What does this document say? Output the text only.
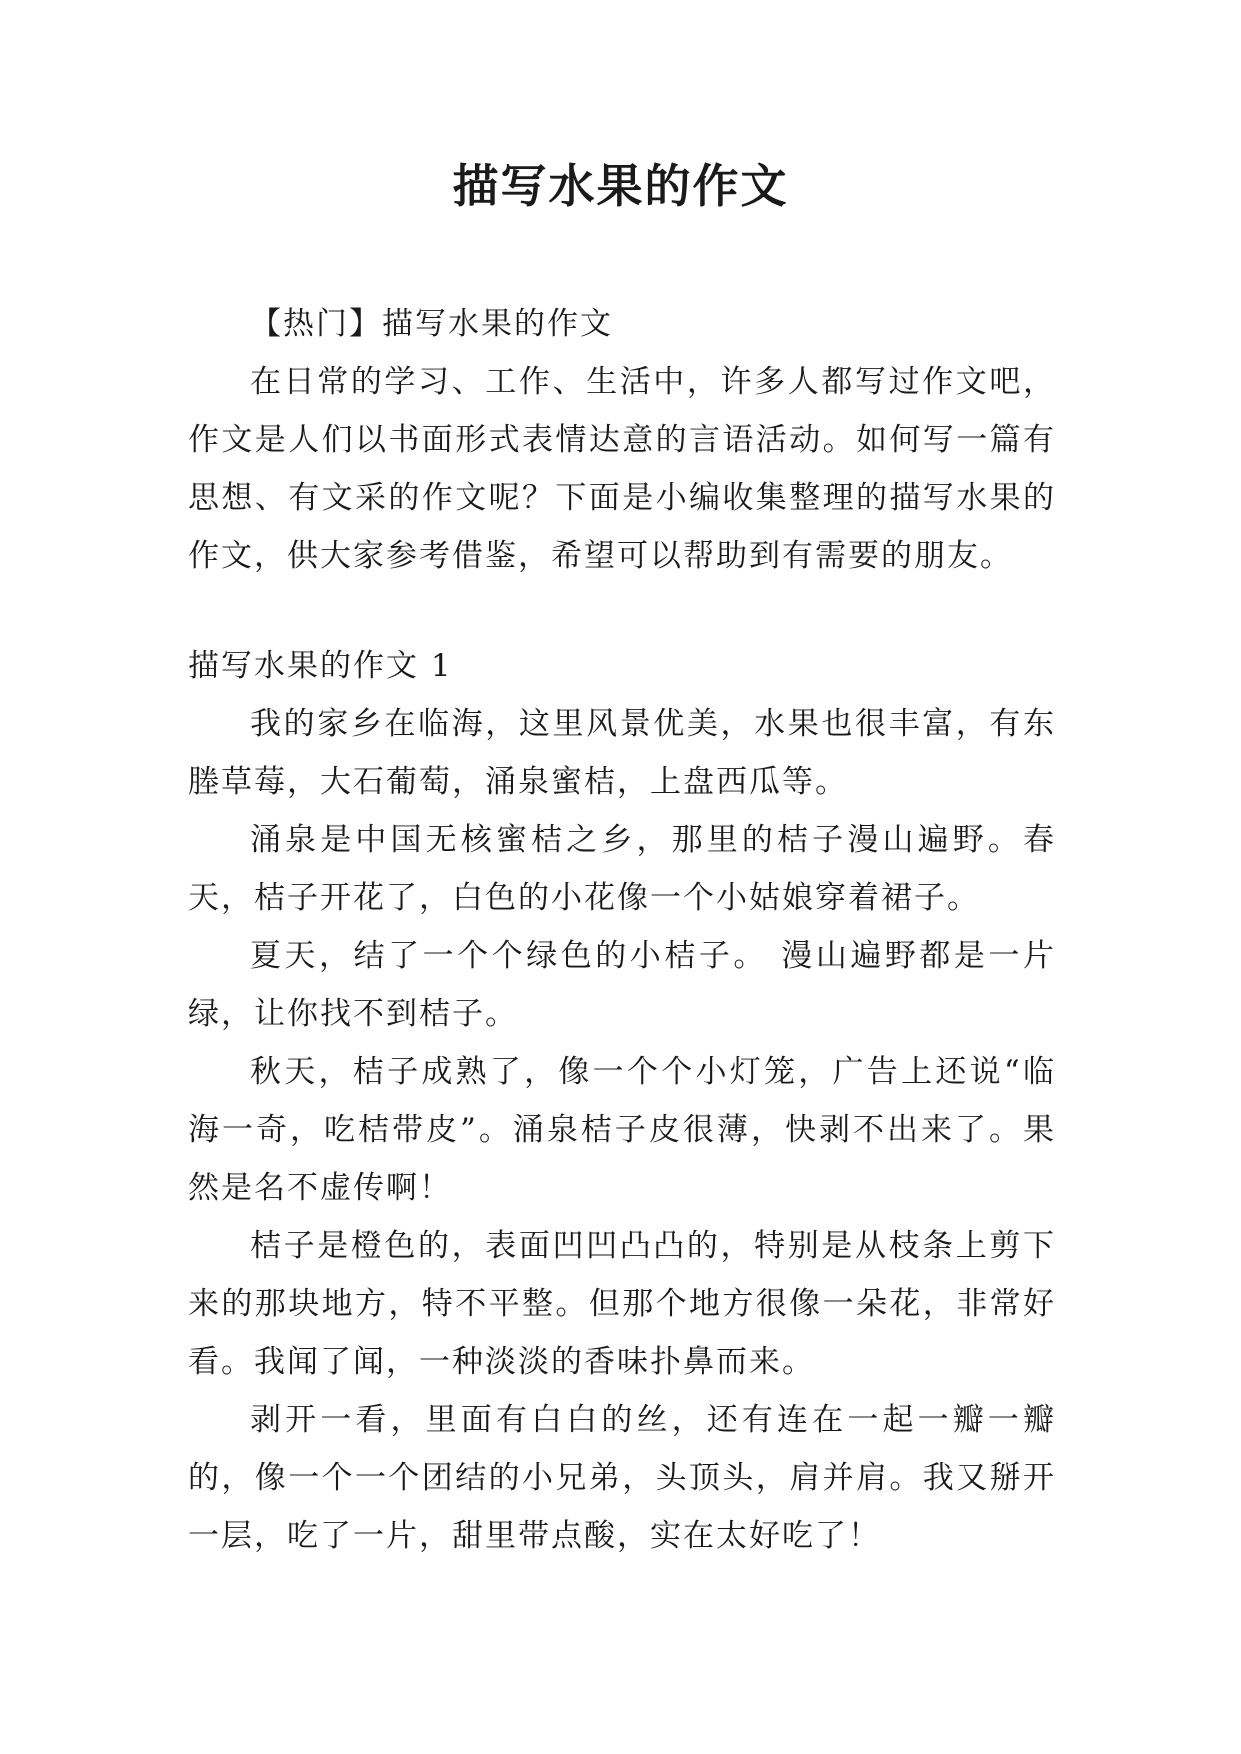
描写水果的作文

【热门】描写水果的作文

在日常的学习、工作、生活中，许多人都写过作文吧，作文是人们以书面形式表情达意的言语活动。如何写一篇有思想、有文采的作文呢？下面是小编收集整理的描写水果的作文，供大家参考借鉴，希望可以帮助到有需要的朋友。

描写水果的作文 1

我的家乡在临海，这里风景优美，水果也很丰富，有东塍草莓，大石葡萄，涌泉蜜桔，上盘西瓜等。

涌泉是中国无核蜜桔之乡，那里的桔子漫山遍野。春天，桔子开花了，白色的小花像一个小姑娘穿着裙子。

夏天，结了一个个绿色的小桔子。 漫山遍野都是一片绿，让你找不到桔子。

秋天，桔子成熟了，像一个个小灯笼，广告上还说“临海一奇，吃桔带皮”。涌泉桔子皮很薄，快剥不出来了。果然是名不虚传啊！

桔子是橙色的，表面凹凹凸凸的，特别是从枝条上剪下来的那块地方，特不平整。但那个地方很像一朵花，非常好看。我闻了闻，一种淡淡的香味扑鼻而来。

剥开一看，里面有白白的丝，还有连在一起一瓣一瓣的，像一个一个团结的小兄弟，头顶头，肩并肩。我又掰开一层，吃了一片，甜里带点酸，实在太好吃了！
